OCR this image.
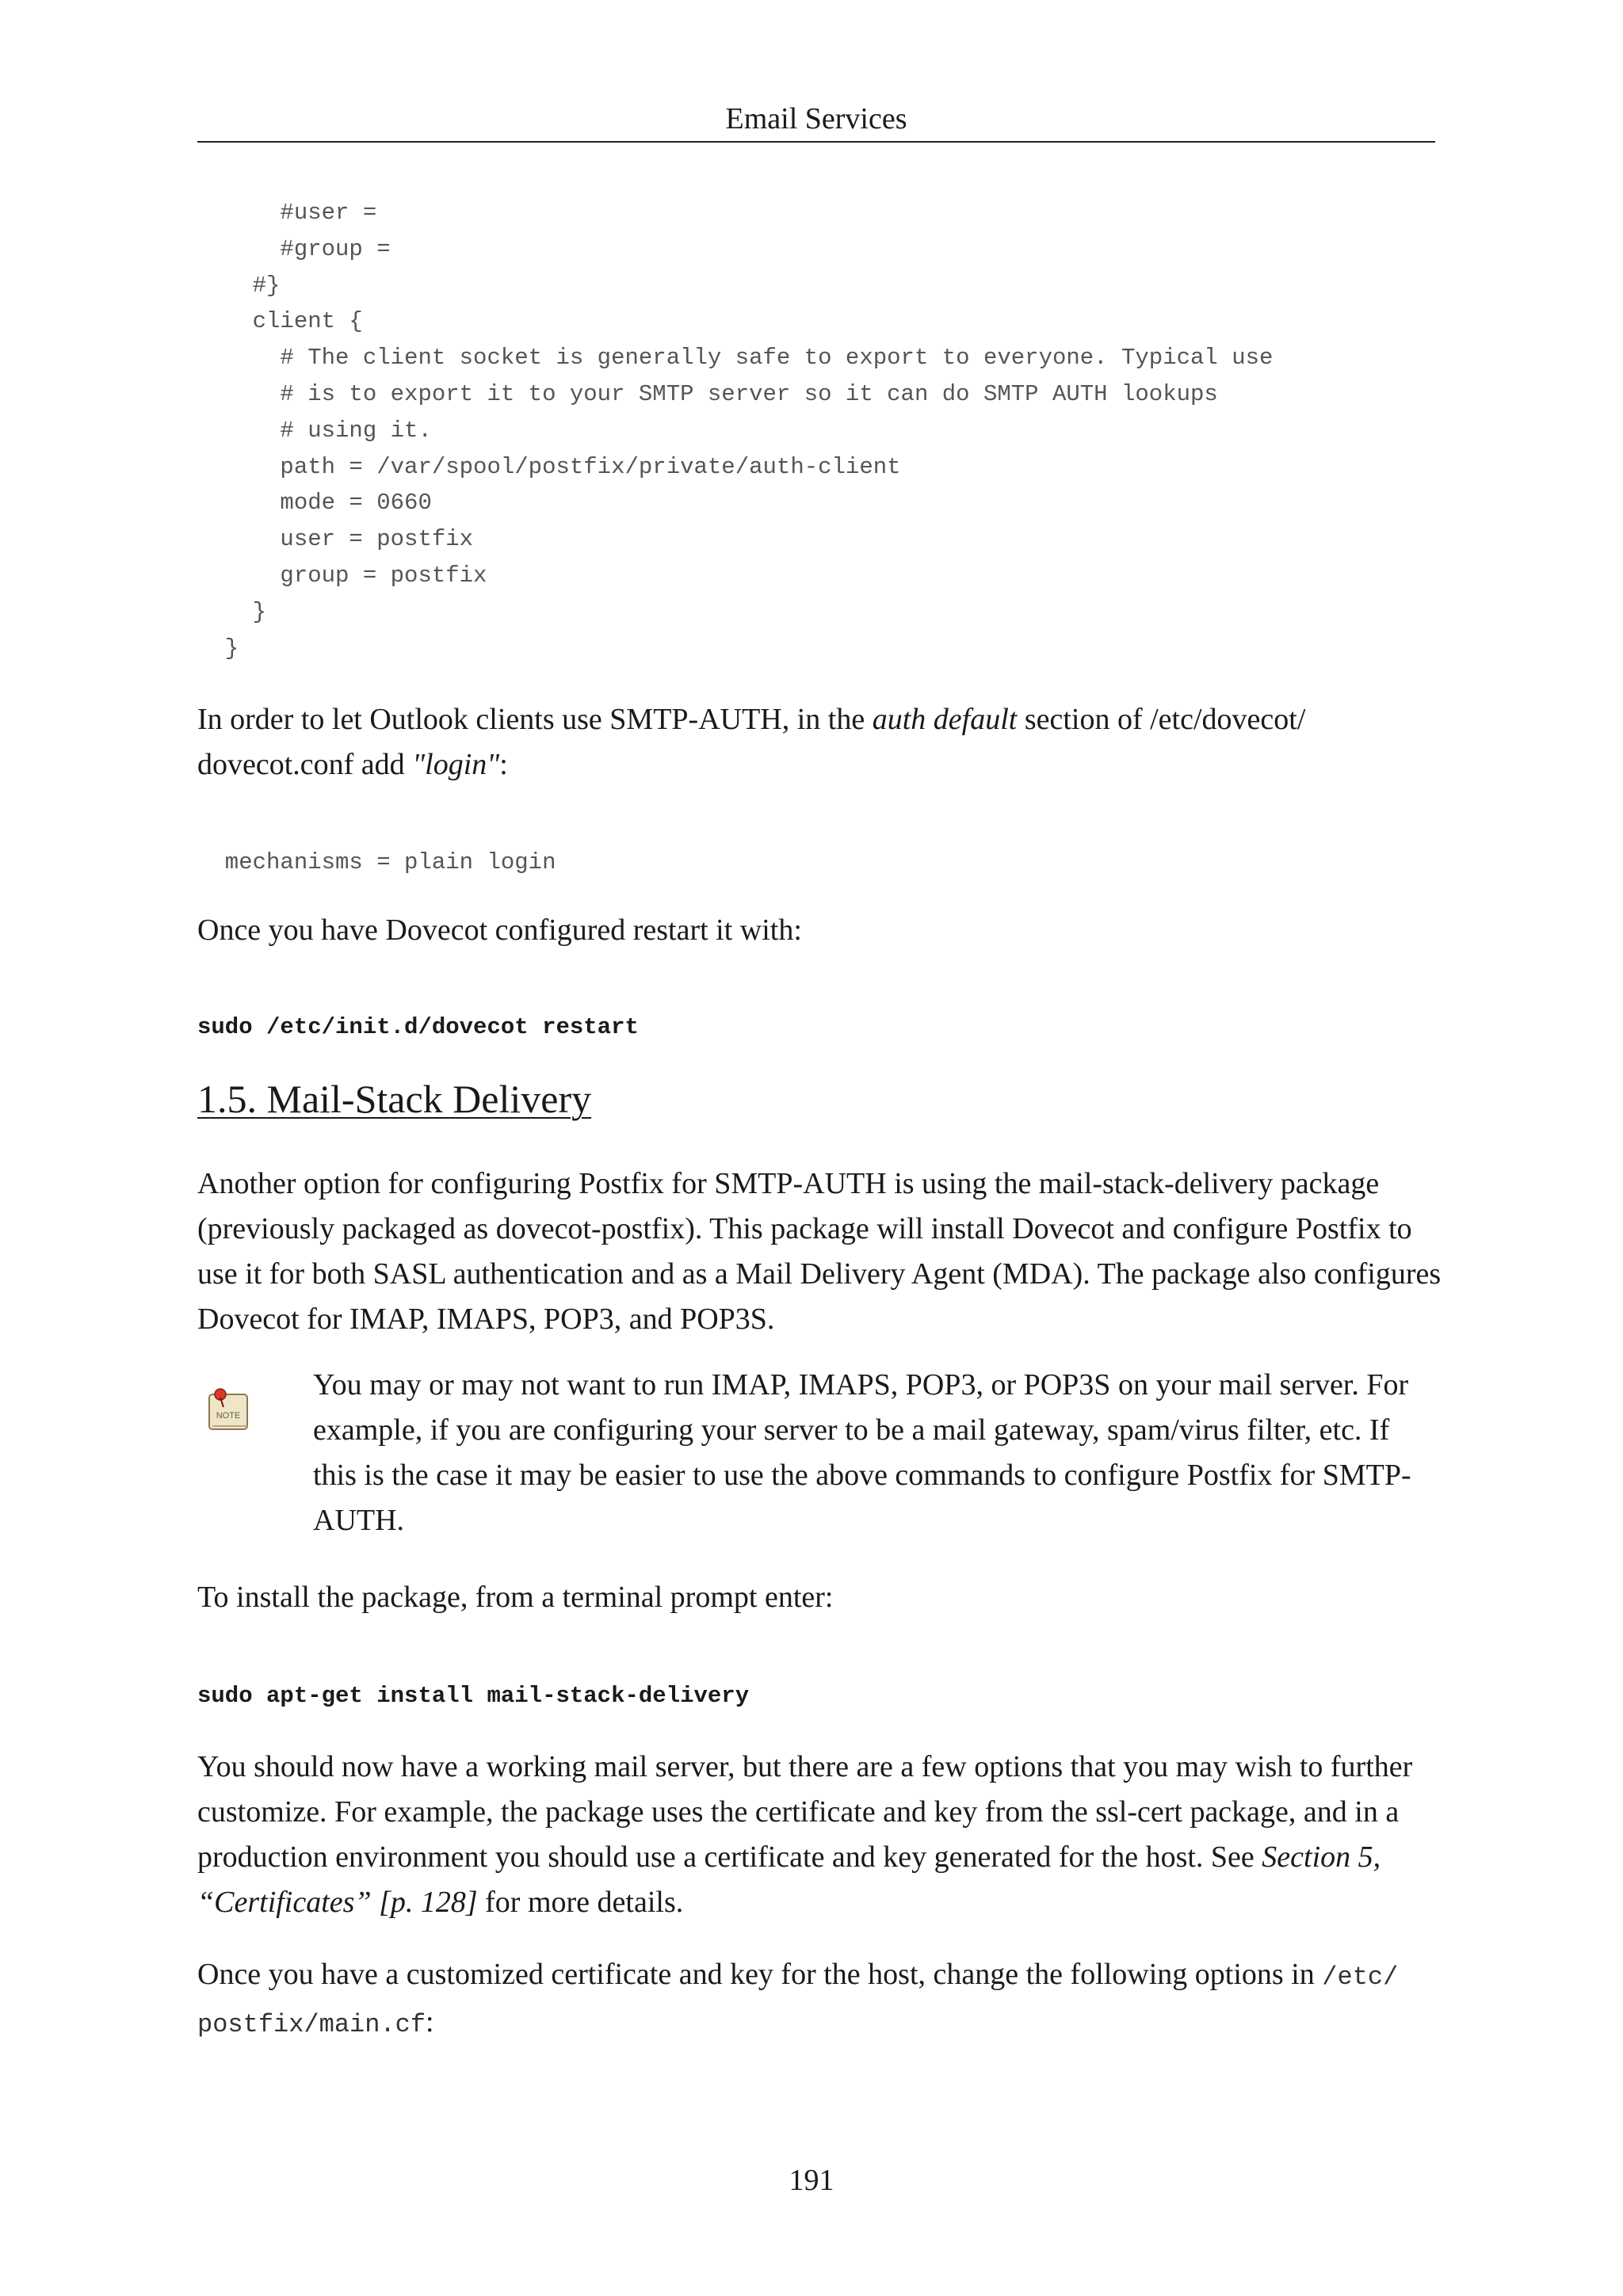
Email Services
#user =
#group =
#}
client {
# The client socket is generally safe to export to everyone. Typical use
# is to export it to your SMTP server so it can do SMTP AUTH lookups
# using it.
path = /var/spool/postfix/private/auth-client
mode = 0660
user = postfix
group = postfix
}
}

In order to let Outlook clients use SMTP-AUTH, in the auth default section of /etc/dovecot/ dovecot.conf add "login":

mechanisms = plain login

Once you have Dovecot configured restart it with:

sudo /etc/init.d/dovecot restart
1.5. Mail-Stack Delivery

Another option for configuring Postfix for SMTP-AUTH is using the mail-stack-delivery package (previously packaged as dovecot-postfix). This package will install Dovecot and configure Postfix to use it for both SASL authentication and as a Mail Delivery Agent (MDA). The package also configures Dovecot for IMAP, IMAPS, POP3, and POP3S.

NOTE

You may or may not want to run IMAP, IMAPS, POP3, or POP3S on your mail server. For example, if you are configuring your server to be a mail gateway, spam/virus filter, etc. If this is the case it may be easier to use the above commands to configure Postfix for SMTP-AUTH.

To install the package, from a terminal prompt enter:

sudo apt-get install mail-stack-delivery

You should now have a working mail server, but there are a few options that you may wish to further customize. For example, the package uses the certificate and key from the ssl-cert package, and in a production environment you should use a certificate and key generated for the host. See Section 5, “Certificates” [p. 128] for more details.

Once you have a customized certificate and key for the host, change the following options in /etc/ postfix/main.cf:

191
